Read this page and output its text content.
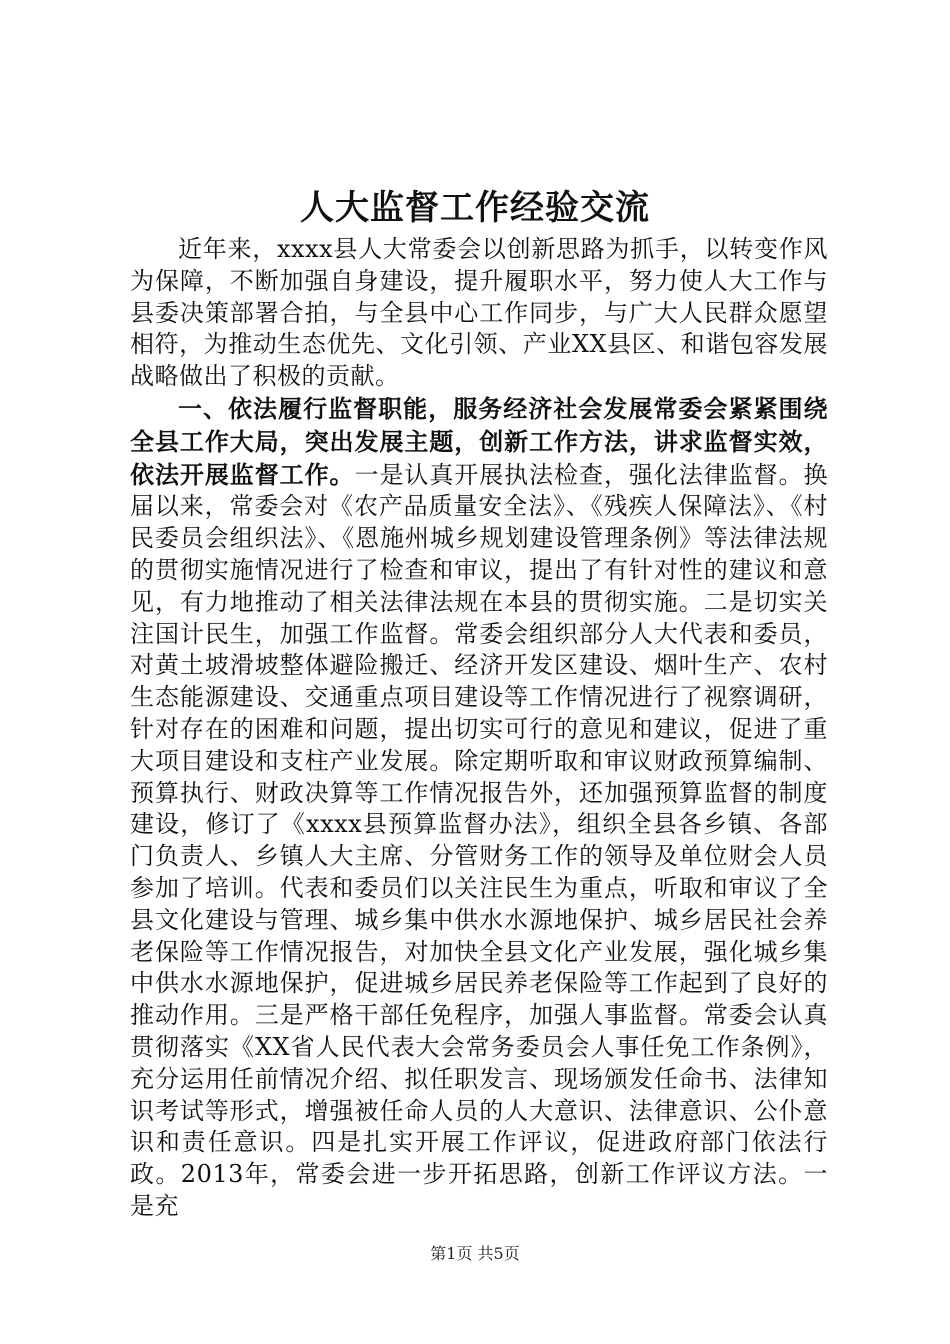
人大监督工作经验交流

近年来，xxxx县人大常委会以创新思路为抓手，以转变作风为保障，不断加强自身建设，提升履职水平，努力使人大工作与县委决策部署合拍，与全县中心工作同步，与广大人民群众愿望相符，为推动生态优先、文化引领、产业XX县区、和谐包容发展战略做出了积极的贡献。

一、依法履行监督职能，服务经济社会发展常委会紧紧围绕全县工作大局，突出发展主题，创新工作方法，讲求监督实效，依法开展监督工作。一是认真开展执法检查，强化法律监督。换届以来，常委会对《农产品质量安全法》、《残疾人保障法》、《村民委员会组织法》、《恩施州城乡规划建设管理条例》等法律法规的贯彻实施情况进行了检查和审议，提出了有针对性的建议和意见，有力地推动了相关法律法规在本县的贯彻实施。二是切实关注国计民生，加强工作监督。常委会组织部分人大代表和委员，对黄土坡滑坡整体避险搬迁、经济开发区建设、烟叶生产、农村生态能源建设、交通重点项目建设等工作情况进行了视察调研，针对存在的困难和问题，提出切实可行的意见和建议，促进了重大项目建设和支柱产业发展。除定期听取和审议财政预算编制、预算执行、财政决算等工作情况报告外，还加强预算监督的制度建设，修订了《xxxx县预算监督办法》，组织全县各乡镇、各部门负责人、乡镇人大主席、分管财务工作的领导及单位财会人员参加了培训。代表和委员们以关注民生为重点，听取和审议了全县文化建设与管理、城乡集中供水水源地保护、城乡居民社会养老保险等工作情况报告，对加快全县文化产业发展，强化城乡集中供水水源地保护，促进城乡居民养老保险等工作起到了良好的推动作用。三是严格干部任免程序，加强人事监督。常委会认真贯彻落实《XX省人民代表大会常务委员会人事任免工作条例》，充分运用任前情况介绍、拟任职发言、现场颁发任命书、法律知识考试等形式，增强被任命人员的人大意识、法律意识、公仆意识和责任意识。四是扎实开展工作评议，促进政府部门依法行政。2013年，常委会进一步开拓思路，创新工作评议方法。一是充

第1页 共5页
